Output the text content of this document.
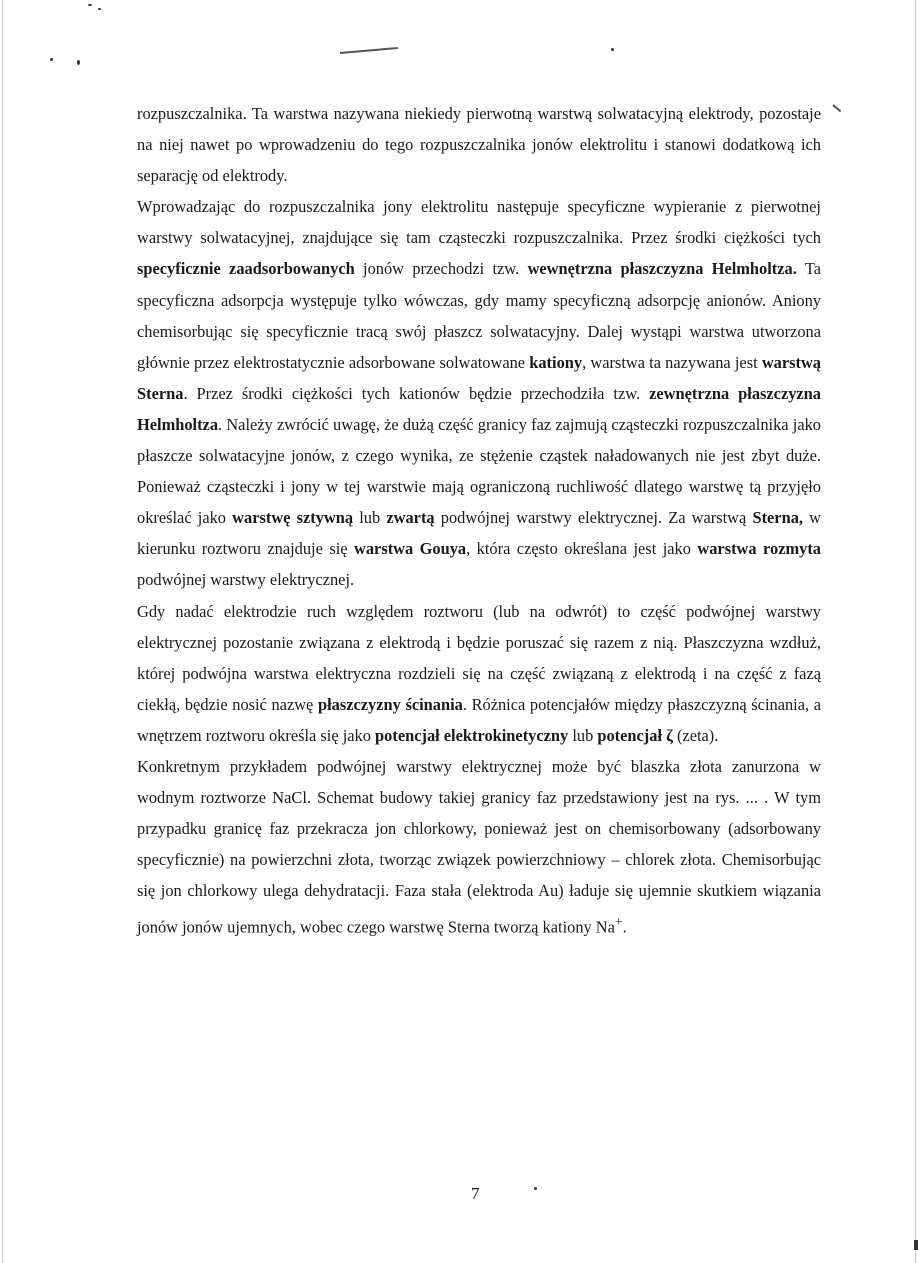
rozpuszczalnika. Ta warstwa nazywana niekiedy pierwotną warstwą solwatacyjną elektrody, pozostaje na niej nawet po wprowadzeniu do tego rozpuszczalnika jonów elektrolitu i stanowi dodatkową ich separację od elektrody.

Wprowadzając do rozpuszczalnika jony elektrolitu następuje specyficzne wypieranie z pierwotnej warstwy solwatacyjnej, znajdujące się tam cząsteczki rozpuszczalnika. Przez środki ciężkości tych specyficznie zaadsorbowanych jonów przechodzi tzw. wewnętrzna płaszczyzna Helmholtza. Ta specyficzna adsorpcja występuje tylko wówczas, gdy mamy specyficzną adsorpcję anionów. Aniony chemisorbując się specyficznie tracą swój płaszcz solwatacyjny. Dalej wystąpi warstwa utworzona głównie przez elektrostatycznie adsorbowane solwatowane kationy, warstwa ta nazywana jest warstwą Sterna. Przez środki ciężkości tych kationów będzie przechodziła tzw. zewnętrzna płaszczyzna Helmholtza. Należy zwrócić uwagę, że dużą część granicy faz zajmują cząsteczki rozpuszczalnika jako płaszcze solwatacyjne jonów, z czego wynika, ze stężenie cząstek naładowanych nie jest zbyt duże. Ponieważ cząsteczki i jony w tej warstwie mają ograniczoną ruchliwość dlatego warstwę tą przyjęło określać jako warstwę sztywną lub zwartą podwójnej warstwy elektrycznej. Za warstwą Sterna, w kierunku roztworu znajduje się warstwa Gouya, która często określana jest jako warstwa rozmyta podwójnej warstwy elektrycznej.

Gdy nadać elektrodzie ruch względem roztworu (lub na odwrót) to część podwójnej warstwy elektrycznej pozostanie związana z elektrodą i będzie poruszać się razem z nią. Płaszczyzna wzdłuż, której podwójna warstwa elektryczna rozdzieli się na część związaną z elektrodą i na część z fazą ciekłą, będzie nosić nazwę płaszczyzny ścinania. Różnica potencjałów między płaszczyzną ścinania, a wnętrzem roztworu określa się jako potencjał elektrokinetyczny lub potencjał ζ (zeta).

Konkretnym przykładem podwójnej warstwy elektrycznej może być blaszka złota zanurzona w wodnym roztworze NaCl. Schemat budowy takiej granicy faz przedstawiony jest na rys. ... . W tym przypadku granicę faz przekracza jon chlorkowy, ponieważ jest on chemisorbowany (adsorbowany specyficznie) na powierzchni złota, tworząc związek powierzchniowy – chlorek złota. Chemisorbując się jon chlorkowy ulega dehydratacji. Faza stała (elektroda Au) ładuje się ujemnie skutkiem wiązania jonów jonów ujemnych, wobec czego warstwę Sterna tworzą kationy Na+.

7
